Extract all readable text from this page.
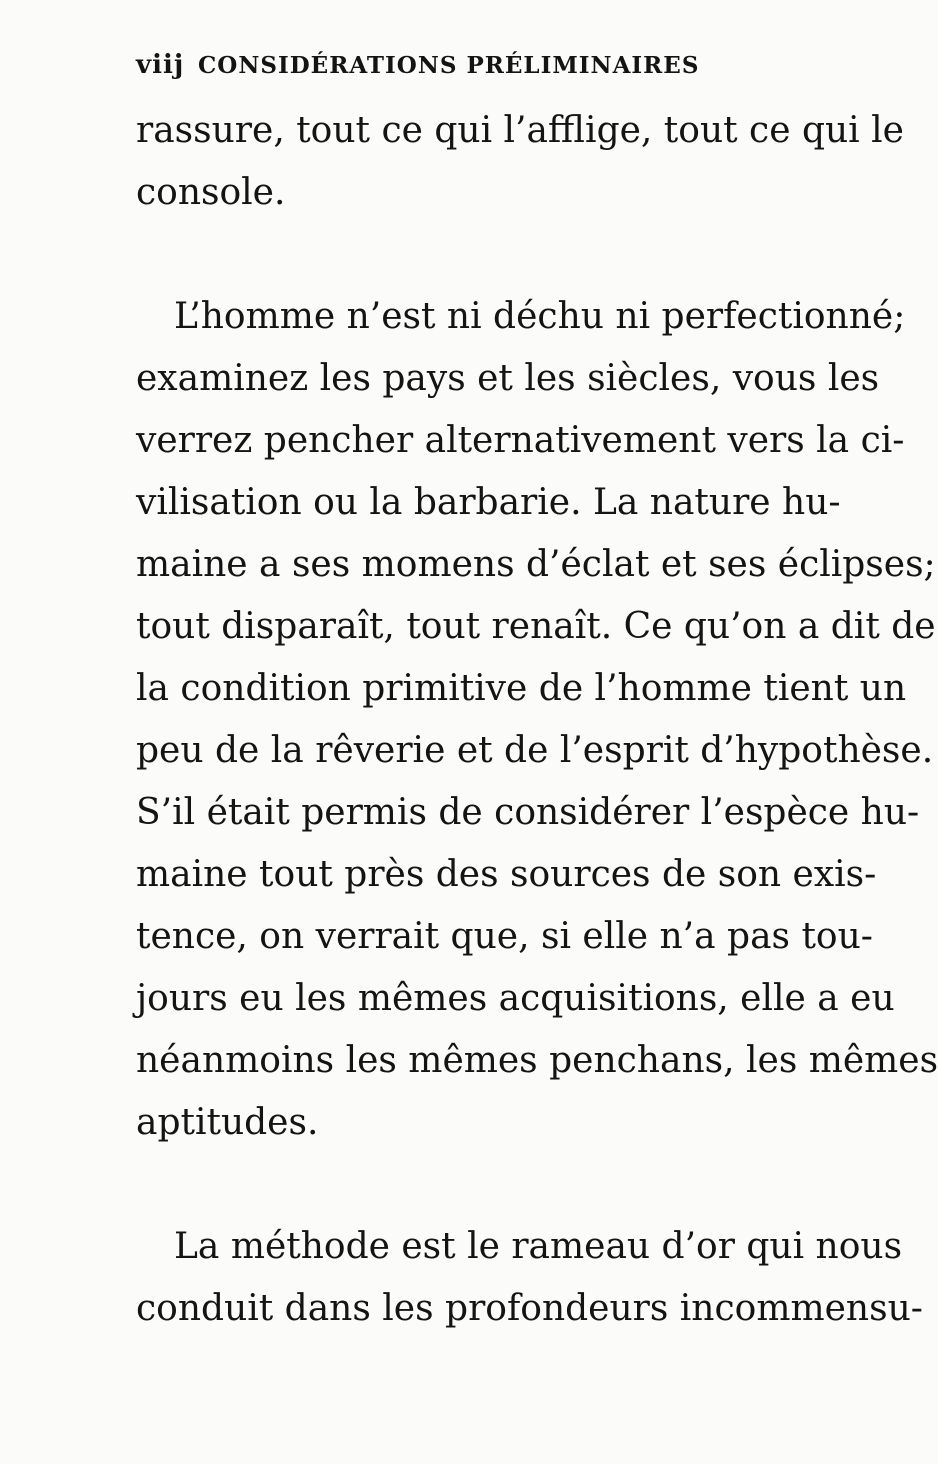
viij CONSIDÉRATIONS PRÉLIMINAIRES
rassure, tout ce qui l’afflige, tout ce qui le
console.
L’homme n’est ni déchu ni perfectionné;
examinez les pays et les siècles, vous les
verrez pencher alternativement vers la ci-
vilisation ou la barbarie. La nature hu-
maine a ses momens d’éclat et ses éclipses;
tout disparaît, tout renaît. Ce qu’on a dit de
la condition primitive de l’homme tient un
peu de la rêverie et de l’esprit d’hypothèse.
S’il était permis de considérer l’espèce hu-
maine tout près des sources de son exis-
tence, on verrait que, si elle n’a pas tou-
jours eu les mêmes acquisitions, elle a eu
néanmoins les mêmes penchans, les mêmes
aptitudes.
La méthode est le rameau d’or qui nous
conduit dans les profondeurs incommensu-
